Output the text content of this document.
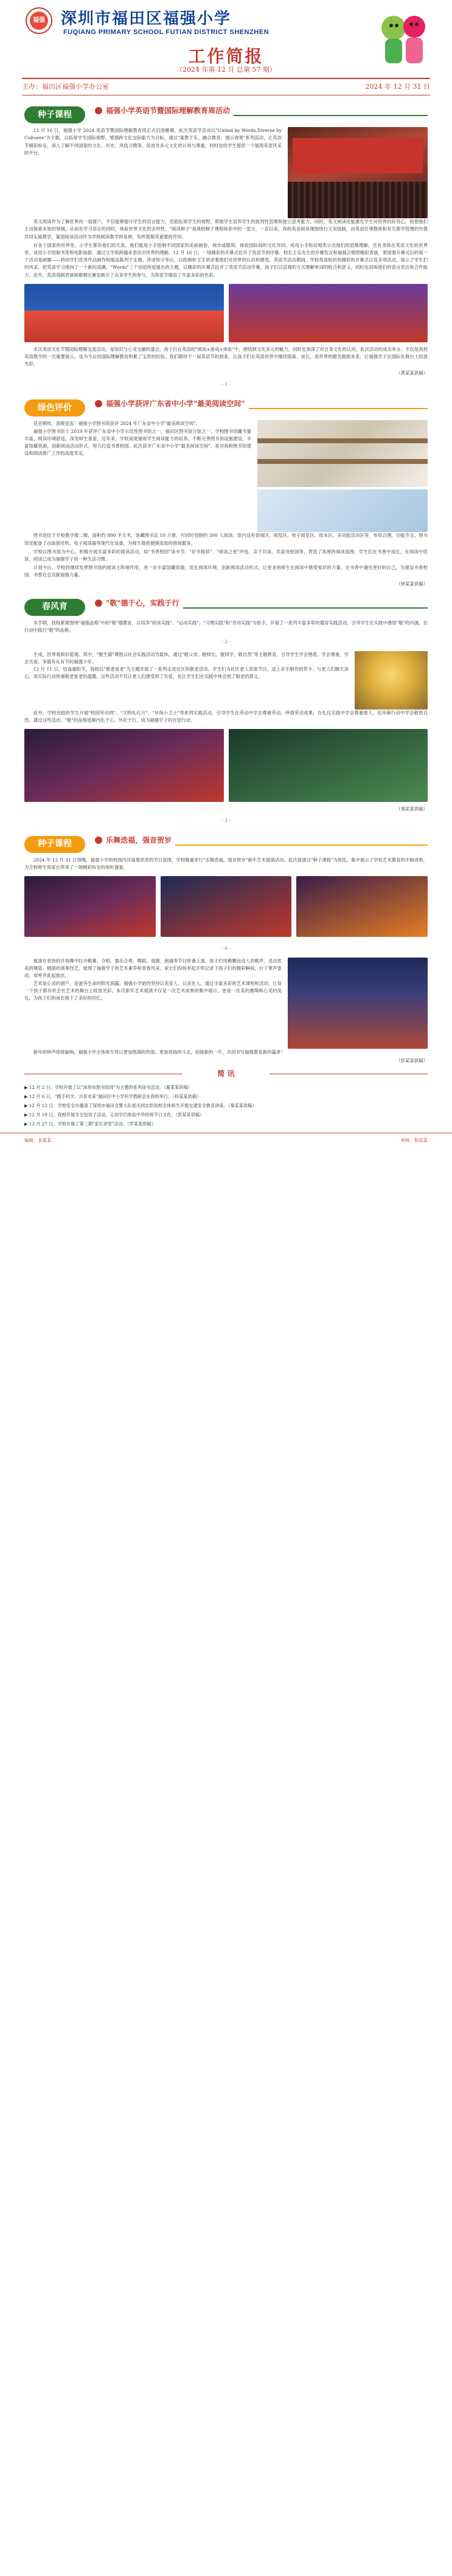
福强 深圳市福田区福强小学
FUQIANG PRIMARY SCHOOL FUTIAN DISTRICT SHENZHEN
工作简报
（2024 年第 12 月 总第 57 期）
主办：福田区福强小学办公室	2024 年 12 月 31 日
种子课程	福强小学英语节暨国际理解教育周活动

12 月 16 日，福强小学 2024 英语节暨国际理解教育周正式启用帷幕。此次英语节活动以"United by Words,Diverse by Cultures"为主题，以拓宽学生国际视野、增强跨文化交际能力为目标，通过"寓教于乐、融合教育、展示效果"系列活动，让英语节精彩纷呈，深入了解不同国家的文化、历史、风俗习惯等，促进对多元文化的认知与尊重。同时也给学生提供一个展现英语风采的平台。

英文阅读作为了解世界的一扇窗户，不仅能够提升学生的语言能力，还能拓宽学生的视野，帮助学生培养学生的批判性思维和独立思考能力。同时，英文阅读还能激发学生对世界的好奇心，促使他们主动探索未知的领域，从而在学习语言的同时，体验世界文化的多样性。"阅读种子"是我校种子课程体系中的一部分，一直以来，我校英语阅读课围绕行文双线制，由英语任课教师和有关教学管理的外教共同实施教学，策划阅读活动作为学校阅读教学的延伸，发挥着极其重要的作用。

在各个国家的世界里，小学生都有他们的天真，他们能用小手绘制不同国家的美丽画卷，城市或服饰，体验国际间的文化异同。戒用小手贴切地表示出他们的思维理解，还有身体在英语文化的世界里，成用小手绘制书签和电影海报。通过文学和跨越来表达对世界的理解。12 月 16 日，一场精彩的开幕式拉开了英语节的序幕。校长王乐先生的开幕发言和福强合唱团精彩表演，紧接着开幕式后的第一个活动是画廊——将同学们优秀作品画作和展品陈列于走廊，讲述和分享后，以绘画和文字讲述着他们对世界的认识和感受。英语节活动期间，学校英语组织和精彩的开幕式以及多项活动，展示了学生们的风采，把英语学习推向了一个新的高潮。"Words"三个词语所延展出的主题，以精彩的开幕式拉开了英语节活动序幕，孩子们以直观的方式理解单词的组合和意义，同时也训练他们的语言表达和合作能力。此外，英语戏剧表演和歌唱比赛也吸引了众多学生的参与，为英语节增添了丰富多彩的色彩。

本次英语文化节暨国际理解交流活动，是知识与心灵交融的盛会，孩子们在英语的"阅读+游戏+体验"中，感悟到文化多元的魅力，同时也加深了对自身文化的认同。此次活动的成功举办，不仅是我校英语教学的一次重要展示，也为今后的国际理解教育积累了宝贵的经验。我们期待下一届英语节的到来，让孩子们在英语世界中继续探索、成长，用世界的眼光拥抱未来，让福强学子在国际化舞台上绽放光彩。

（黄某某供稿）
- 1 -
绿色评价	福强小学获评广东省中小学"最美阅读空间"

佳音频传，喜报连连！福强小学图书馆获评 2024 年广东省中小学"最美阅读空间"。

福强小学图书馆于 2019 年获评广东省中小学示范性图书馆之一，福田区图书馆分馆之一，学校图书馆藏书量丰富，阅读环境舒适，深受师生喜爱。近年来，学校高度重视学生阅读能力的培养，不断完善图书馆设施建设，丰富馆藏资源，创新阅读活动形式，努力打造书香校园。此次获评广东省中小学"最美阅读空间"，是对我校图书馆建设和阅读推广工作的高度肯定。

图书馆位于学校教学楼二楼，面积约 800 平方米，馆藏图书近 10 万册，可同时容纳约 300 人阅读。馆内设有借阅区、阅览区、电子阅览区、绘本区、多功能活动区等，布局合理，功能齐全。图书馆还配备了自助借还机、电子阅读器等现代化设备，为师生提供便捷高效的借阅服务。

学校以图书馆为中心，积极开展丰富多彩的阅读活动，如"书香校园"读书节、"好书推荐"、"阅读之星"评选、亲子共读、名家进校园等，营造了浓厚的阅读氛围。学生们在书香中成长，在阅读中收获，阅读已成为福强学子的一种生活习惯。

计划今后，学校将继续发挥图书馆的阅读主阵地作用，进一步丰富馆藏资源，优化阅读环境，创新阅读活动形式，让更多的师生在阅读中感受知识的力量，在书香中遇见更好的自己，为建设书香校园、书香社会贡献福强力量。

（钟某某供稿）
春风育	"敬"德于心，实践于行

本学期，我校紧紧围绕"福强品格"中的"敬"德教育，以培养"阅读实践"、"运动实践"、"习惯实践"和"劳动实践"为抓手，开展了一系列丰富多彩的德育实践活动，引导学生在实践中感悟"敬"的内涵，在行动中践行"敬"的品格。

- 2 -

生成，世界观和价值观。其中，"敬生德"课程以社会实践活动为载体，通过"敬父母、敬师长、敬同学、敬自然"等主题教育，引导学生学会感恩，学会尊重，学会关爱，争做有礼有节的福强少年。

12 月 11 日，恰逢重阳节，我校以"敬老爱老"为主题开展了一系列走进社区的敬老活动。学生们为社区老人表演节目、送上亲手制作的贺卡、与老人们聊天谈心，用实际行动传递敬老爱老的温暖。这些活动不仅让老人们感受到了关爱，也让学生们在实践中体会到了敬老的意义。

此外，学校还组织学生开展"校园劳动周"、"文明礼仪月"、"环保小卫士"等系列实践活动，引导学生在劳动中学会尊重劳动、珍惜劳动成果，在礼仪实践中学会尊重他人，在环保行动中学会敬畏自然。通过这些活动，"敬"的品格逐渐内化于心、外化于行，成为福强学子的自觉行动。

（秦某某供稿）
- 3 -
种子课程	乐舞迭福，强音贺岁

2024 年 12 月 31 日傍晚，福强小学的校园内洋溢着浓浓的节日氛围，学校隆重举行"乐舞迭福，强音贺岁"新年艺术展演活动。此次展演以"种子课程"为依托，集中展示了学校艺术教育的丰硕成果，为全校师生和家长带来了一场精彩纷呈的视听盛宴。

- 4 -

展演在欢快的开场舞中拉开帷幕。合唱、器乐合奏、舞蹈、戏剧、朗诵等节目轮番上演，孩子们用稚嫩而动人的歌声、灵动优美的舞姿、精湛的演奏技艺，展现了福强学子的艺术素养和青春风采。家长们纷纷举起手机记录下孩子们的精彩瞬间，台下掌声雷动，欢呼声此起彼伏。

艺术是心灵的窗户，是滋养生命的阳光雨露。福强小学始终坚持以美育人、以美化人，通过丰富多彩的艺术课程和活动，让每一个孩子都有机会在艺术的舞台上绽放光彩。本次新年艺术展演不仅是一次艺术成果的集中展示，更是一次美的熏陶和心灵的洗礼，为孩子们的成长留下了美好的回忆。

新年的钟声即将敲响，福强小学全体师生将以更加饱满的热情、更加昂扬的斗志，迎接新的一年，共同书写福强教育新的篇章！

（彭某某供稿）
简 讯
▶ 12 月 2 日，学校开展了以"深圳市图书馆周"为主题的系列读书活动。（谢某某供稿）
▶ 12 月 6 日，"携手科学，共育未来"福田区中小学科学教研会在我校举行。（科某某供稿）
▶ 12 月 13 日，学校安全办邀请了深圳市福田交警大队相关同志给我校全体师生开展交通安全教育讲座。（秦某某供稿）
▶ 12 月 19 日，我校开展冬至包饺子活动，让同学们体验中华传统节日文化。（彭某某供稿）
▶ 12 月 27 日，学校开展了第三期"家长讲堂"活动。（罗某某供稿）
编辑：金某某	审核：程某某
